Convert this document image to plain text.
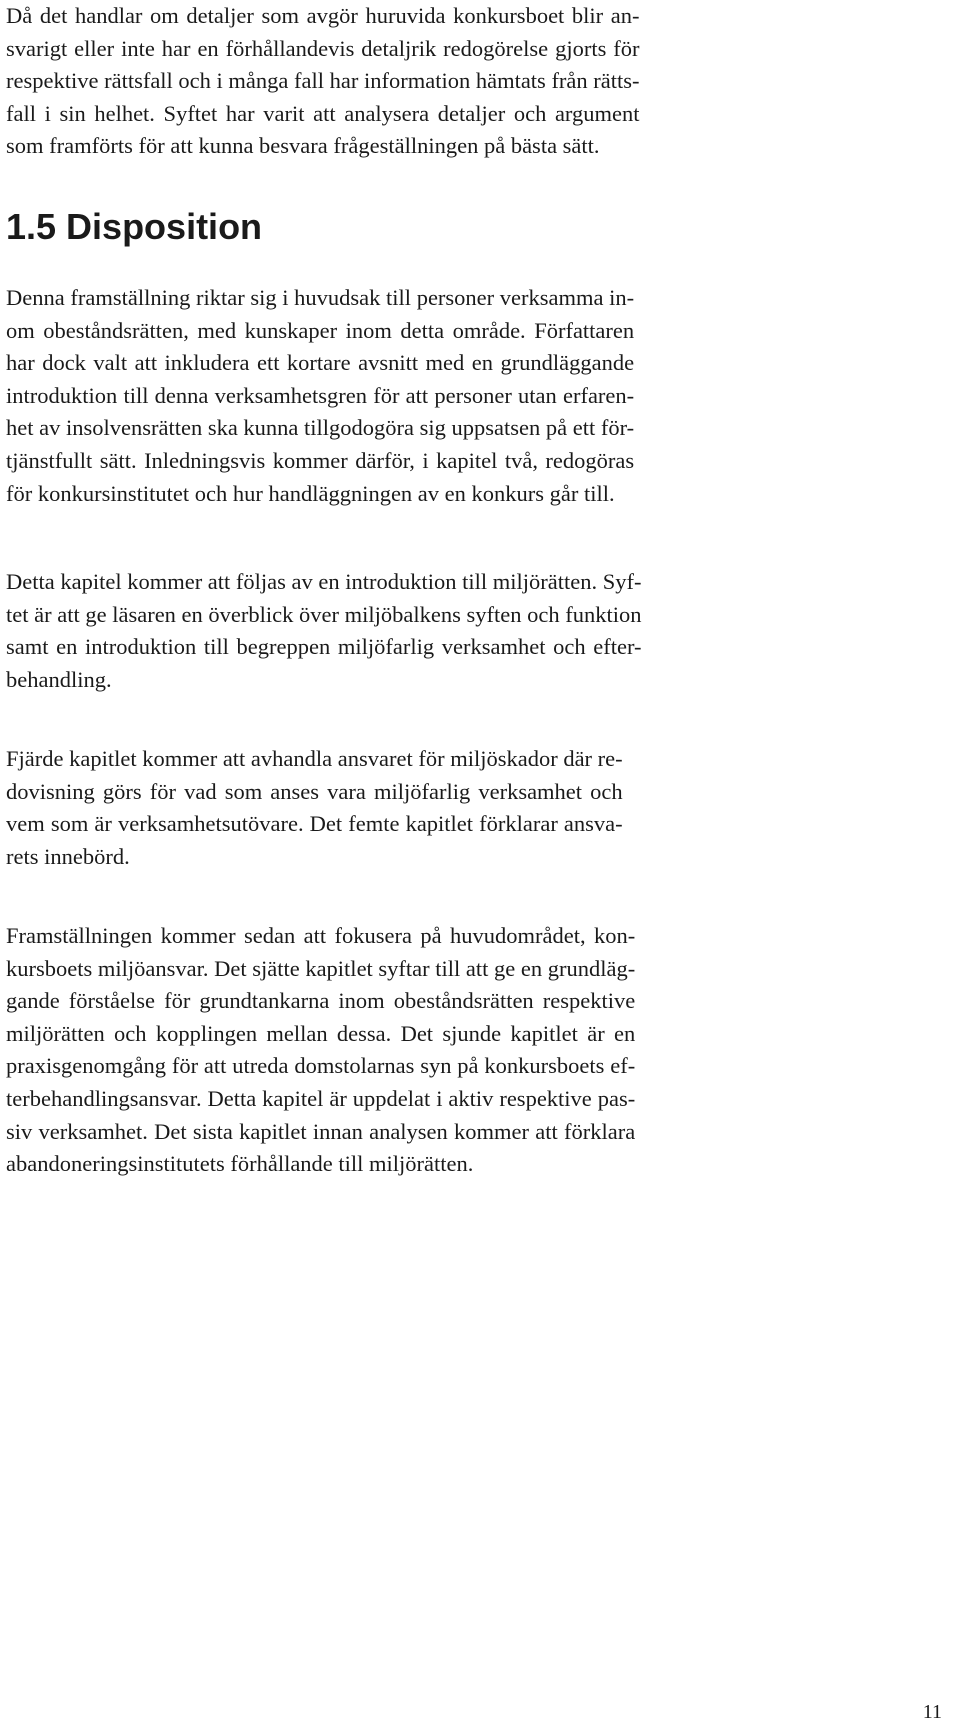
Då det handlar om detaljer som avgör huruvida konkursboet blir an-
svarigt eller inte har en förhållandevis detaljrik redogörelse gjorts för
respektive rättsfall och i många fall har information hämtats från rätts-
fall i sin helhet. Syftet har varit att analysera detaljer och argument
som framförts för att kunna besvara frågeställningen på bästa sätt.

1.5 Disposition

Denna framställning riktar sig i huvudsak till personer verksamma in-
om obeståndsrätten, med kunskaper inom detta område. Författaren
har dock valt att inkludera ett kortare avsnitt med en grundläggande
introduktion till denna verksamhetsgren för att personer utan erfaren-
het av insolvensrätten ska kunna tillgodogöra sig uppsatsen på ett för-
tjänstfullt sätt. Inledningsvis kommer därför, i kapitel två, redogöras
för konkursinstitutet och hur handläggningen av en konkurs går till.

Detta kapitel kommer att följas av en introduktion till miljörätten. Syf-
tet är att ge läsaren en överblick över miljöbalkens syften och funktion
samt en introduktion till begreppen miljöfarlig verksamhet och efter-
behandling.

Fjärde kapitlet kommer att avhandla ansvaret för miljöskador där re-
dovisning görs för vad som anses vara miljöfarlig verksamhet och
vem som är verksamhetsutövare. Det femte kapitlet förklarar ansva-
rets innebörd.

Framställningen kommer sedan att fokusera på huvudområdet, kon-
kursboets miljöansvar. Det sjätte kapitlet syftar till att ge en grundläg-
gande förståelse för grundtankarna inom obeståndsrätten respektive
miljörätten och kopplingen mellan dessa. Det sjunde kapitlet är en
praxisgenomgång för att utreda domstolarnas syn på konkursboets ef-
terbehandlingsansvar. Detta kapitel är uppdelat i aktiv respektive pas-
siv verksamhet. Det sista kapitlet innan analysen kommer att förklara
abandoneringsinstitutets förhållande till miljörätten.

11
